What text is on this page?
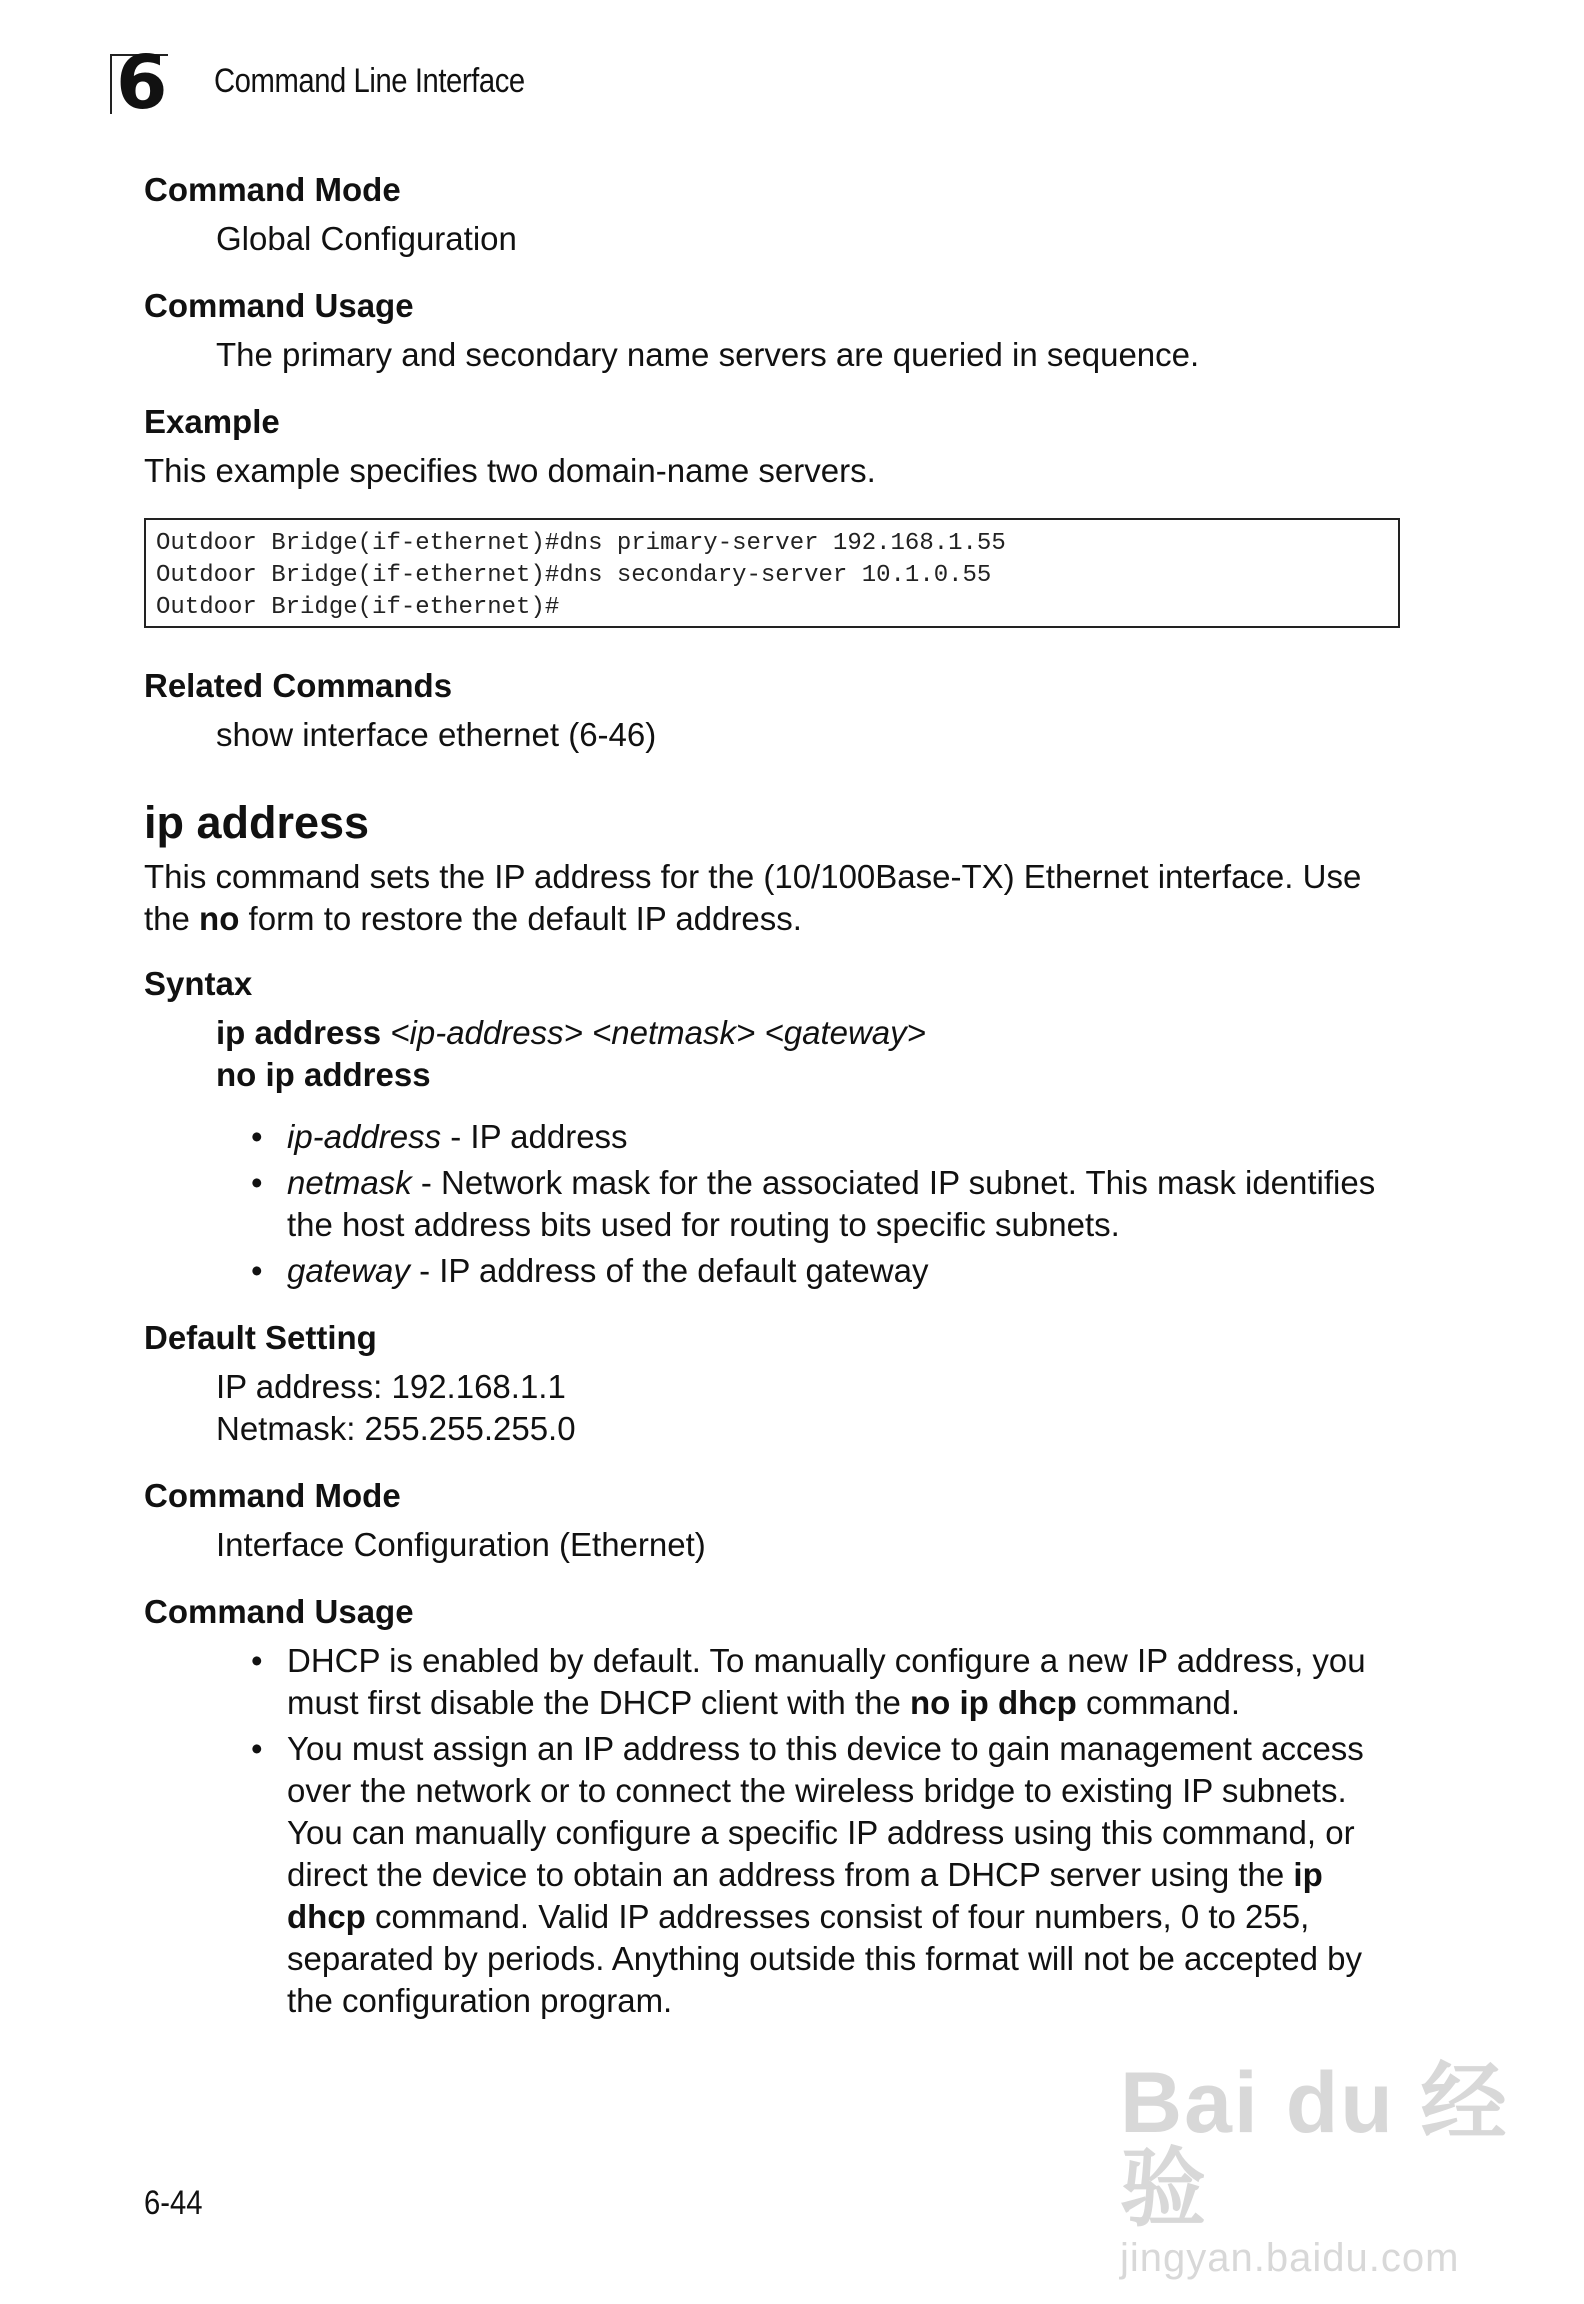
6 Command Line Interface
Command Mode
Global Configuration
Command Usage
The primary and secondary name servers are queried in sequence.
Example
This example specifies two domain-name servers.
Outdoor Bridge(if-ethernet)#dns primary-server 192.168.1.55
Outdoor Bridge(if-ethernet)#dns secondary-server 10.1.0.55
Outdoor Bridge(if-ethernet)#
Related Commands
show interface ethernet (6-46)
ip address
This command sets the IP address for the (10/100Base-TX) Ethernet interface. Use
the no form to restore the default IP address.
Syntax
ip address <ip-address> <netmask> <gateway>
no ip address
• ip-address - IP address
• netmask - Network mask for the associated IP subnet. This mask identifies
the host address bits used for routing to specific subnets.
• gateway - IP address of the default gateway
Default Setting
IP address: 192.168.1.1
Netmask: 255.255.255.0
Command Mode
Interface Configuration (Ethernet)
Command Usage
• DHCP is enabled by default. To manually configure a new IP address, you
must first disable the DHCP client with the no ip dhcp command.
• You must assign an IP address to this device to gain management access
over the network or to connect the wireless bridge to existing IP subnets.
You can manually configure a specific IP address using this command, or
direct the device to obtain an address from a DHCP server using the ip
dhcp command. Valid IP addresses consist of four numbers, 0 to 255,
separated by periods. Anything outside this format will not be accepted by
the configuration program.
Bai du 经验
jingyan.baidu.com
6-44
